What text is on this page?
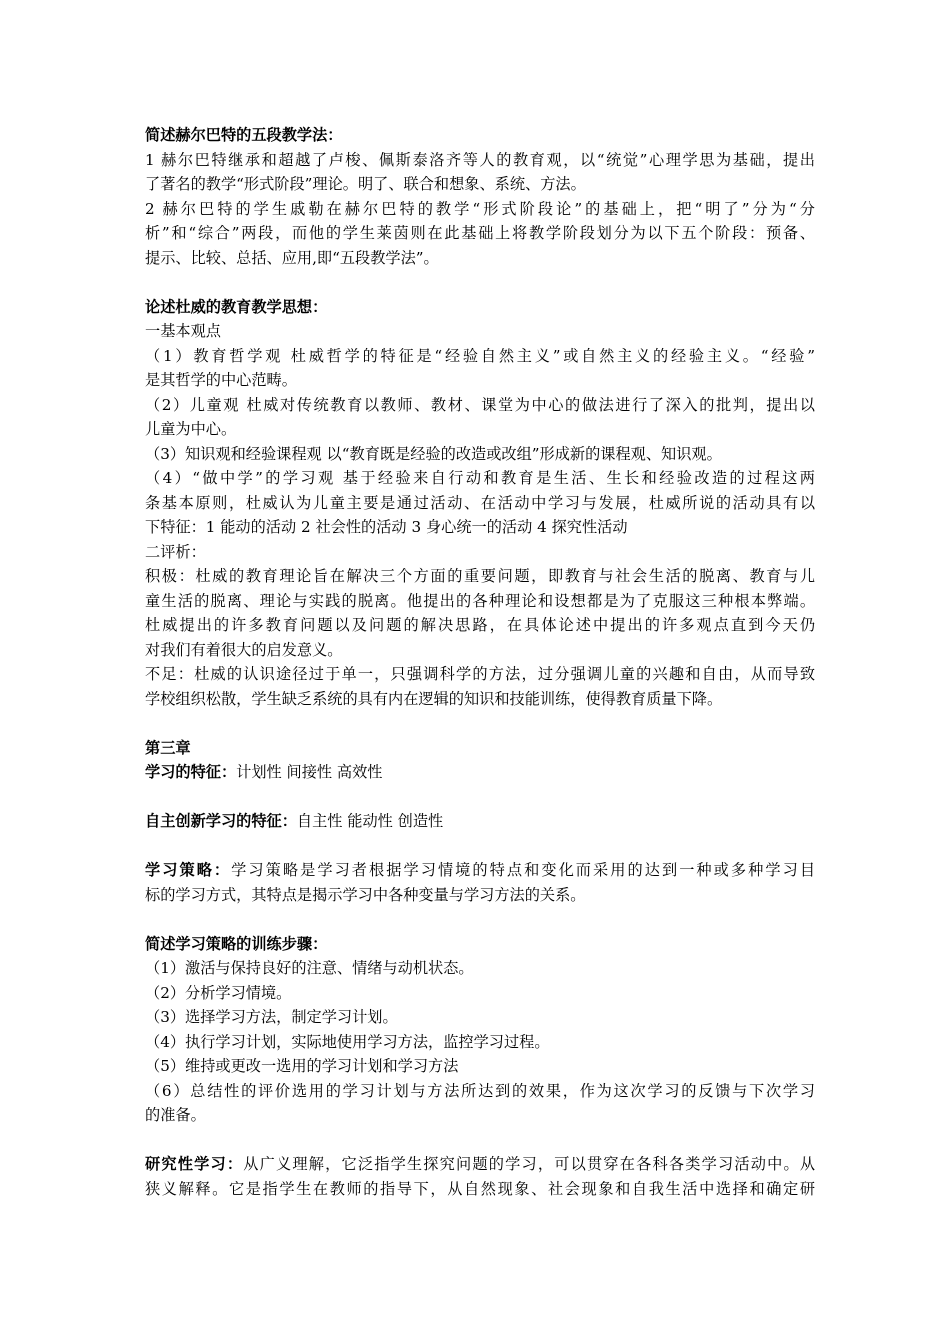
简述赫尔巴特的五段教学法：
1 赫尔巴特继承和超越了卢梭、佩斯泰洛齐等人的教育观，以“统觉”心理学思为基础，提出
了著名的教学“形式阶段”理论。明了、联合和想象、系统、方法。
2 赫尔巴特的学生戚勒在赫尔巴特的教学“形式阶段论”的基础上，把“明了”分为“分
析”和“综合”两段，而他的学生莱茵则在此基础上将教学阶段划分为以下五个阶段：预备、
提示、比较、总括、应用,即“五段教学法”。
论述杜威的教育教学思想：
一基本观点
（1）教育哲学观 杜威哲学的特征是“经验自然主义”或自然主义的经验主义。“经验”
是其哲学的中心范畴。
（2）儿童观 杜威对传统教育以教师、教材、课堂为中心的做法进行了深入的批判，提出以
儿童为中心。
（3）知识观和经验课程观 以“教育既是经验的改造或改组”形成新的课程观、知识观。
（4）“做中学”的学习观 基于经验来自行动和教育是生活、生长和经验改造的过程这两
条基本原则，杜威认为儿童主要是通过活动、在活动中学习与发展，杜威所说的活动具有以
下特征：1 能动的活动 2 社会性的活动 3 身心统一的活动 4 探究性活动
二评析：
积极：杜威的教育理论旨在解决三个方面的重要问题，即教育与社会生活的脱离、教育与儿
童生活的脱离、理论与实践的脱离。他提出的各种理论和设想都是为了克服这三种根本弊端。
杜威提出的许多教育问题以及问题的解决思路，在具体论述中提出的许多观点直到今天仍
对我们有着很大的启发意义。
不足：杜威的认识途径过于单一，只强调科学的方法，过分强调儿童的兴趣和自由，从而导致
学校组织松散，学生缺乏系统的具有内在逻辑的知识和技能训练，使得教育质量下降。
第三章
学习的特征：计划性 间接性 高效性
自主创新学习的特征：自主性 能动性 创造性
学习策略：学习策略是学习者根据学习情境的特点和变化而采用的达到一种或多种学习目
标的学习方式，其特点是揭示学习中各种变量与学习方法的关系。
简述学习策略的训练步骤：
（1）激活与保持良好的注意、情绪与动机状态。
（2）分析学习情境。
（3）选择学习方法，制定学习计划。
（4）执行学习计划，实际地使用学习方法，监控学习过程。
（5）维持或更改一选用的学习计划和学习方法
（6）总结性的评价选用的学习计划与方法所达到的效果，作为这次学习的反馈与下次学习
的准备。
研究性学习：从广义理解，它泛指学生探究问题的学习，可以贯穿在各科各类学习活动中。从
狭义解释。它是指学生在教师的指导下，从自然现象、社会现象和自我生活中选择和确定研
